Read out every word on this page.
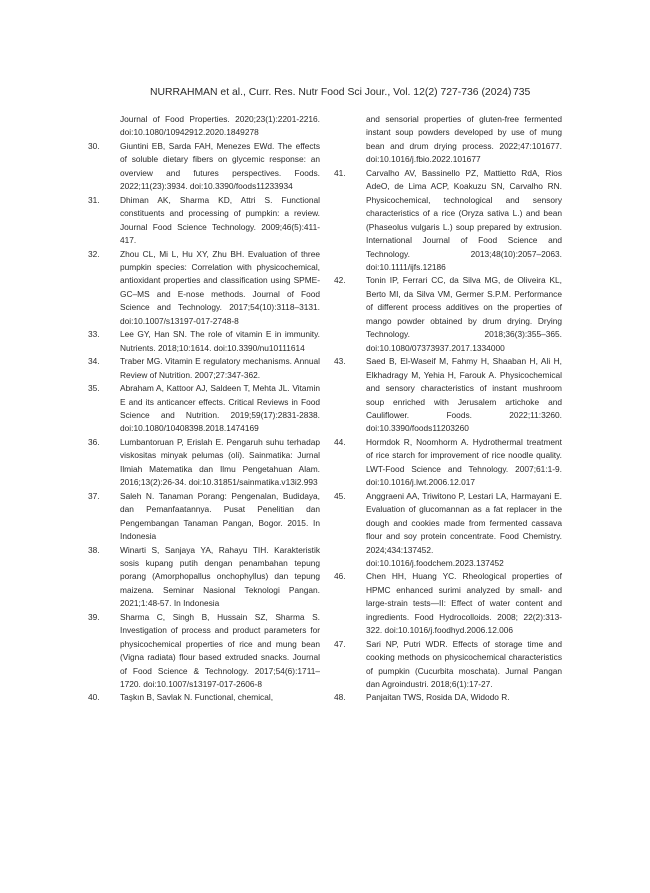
NURRAHMAN et al., Curr. Res. Nutr Food Sci Jour., Vol. 12(2) 727-736 (2024) 735
Journal of Food Properties. 2020;23(1):2201-2216. doi:10.1080/10942912.2020.1849278
30. Giuntini EB, Sarda FAH, Menezes EWd. The effects of soluble dietary fibers on glycemic response: an overview and futures perspectives. Foods. 2022;11(23):3934. doi:10.3390/foods11233934
31. Dhiman AK, Sharma KD, Attri S. Functional constituents and processing of pumpkin: a review. Journal Food Science Technology. 2009;46(5):411-417.
32. Zhou CL, Mi L, Hu XY, Zhu BH. Evaluation of three pumpkin species: Correlation with physicochemical, antioxidant properties and classification using SPME-GC–MS and E-nose methods. Journal of Food Science and Technology. 2017;54(10):3118–3131. doi:10.1007/s13197-017-2748-8
33. Lee GY, Han SN. The role of vitamin E in immunity. Nutrients. 2018;10:1614. doi:10.3390/nu10111614
34. Traber MG. Vitamin E regulatory mechanisms. Annual Review of Nutrition. 2007;27:347-362.
35. Abraham A, Kattoor AJ, Saldeen T, Mehta JL. Vitamin E and its anticancer effects. Critical Reviews in Food Science and Nutrition. 2019;59(17):2831-2838. doi:10.1080/10408398.2018.1474169
36. Lumbantoruan P, Erislah E. Pengaruh suhu terhadap viskositas minyak pelumas (oli). Sainmatika: Jurnal Ilmiah Matematika dan Ilmu Pengetahuan Alam. 2016;13(2):26-34. doi:10.31851/sainmatika.v13i2.993
37. Saleh N. Tanaman Porang: Pengenalan, Budidaya, dan Pemanfaatannya. Pusat Penelitian dan Pengembangan Tanaman Pangan, Bogor. 2015. In Indonesia
38. Winarti S, Sanjaya YA, Rahayu TIH. Karakteristik sosis kupang putih dengan penambahan tepung porang (Amorphopallus onchophyllus) dan tepung maizena. Seminar Nasional Teknologi Pangan. 2021;1:48-57. In Indonesia
39. Sharma C, Singh B, Hussain SZ, Sharma S. Investigation of process and product parameters for physicochemical properties of rice and mung bean (Vigna radiata) flour based extruded snacks. Journal of Food Science & Technology. 2017;54(6):1711–1720. doi:10.1007/s13197-017-2606-8
40. Taşkın B, Savlak N. Functional, chemical,
and sensorial properties of gluten-free fermented instant soup powders developed by use of mung bean and drum drying process. 2022;47:101677. doi:10.1016/j.fbio.2022.101677
41. Carvalho AV, Bassinello PZ, Mattietto RdA, Rios AdeO, de Lima ACP, Koakuzu SN, Carvalho RN. Physicochemical, technological and sensory characteristics of a rice (Oryza sativa L.) and bean (Phaseolus vulgaris L.) soup prepared by extrusion. International Journal of Food Science and Technology. 2013;48(10):2057–2063. doi:10.1111/ijfs.12186
42. Tonin IP, Ferrari CC, da Silva MG, de Oliveira KL, Berto MI, da Silva VM, Germer S.P.M. Performance of different process additives on the properties of mango powder obtained by drum drying. Drying Technology. 2018;36(3):355–365. doi:10.1080/07373937.2017.1334000
43. Saed B, El-Waseif M, Fahmy H, Shaaban H, Ali H, Elkhadragy M, Yehia H, Farouk A. Physicochemical and sensory characteristics of instant mushroom soup enriched with Jerusalem artichoke and Cauliflower. Foods. 2022;11:3260. doi:10.3390/foods11203260
44. Hormdok R, Noomhorm A. Hydrothermal treatment of rice starch for improvement of rice noodle quality. LWT-Food Science and Tehnology. 2007;61:1-9. doi:10.1016/j.lwt.2006.12.017
45. Anggraeni AA, Triwitono P, Lestari LA, Harmayani E. Evaluation of glucomannan as a fat replacer in the dough and cookies made from fermented cassava flour and soy protein concentrate. Food Chemistry. 2024;434:137452. doi:10.1016/j.foodchem.2023.137452
46. Chen HH, Huang YC. Rheological properties of HPMC enhanced surimi analyzed by small- and large-strain tests—II: Effect of water content and ingredients. Food Hydrocolloids. 2008; 22(2):313-322. doi:10.1016/j.foodhyd.2006.12.006
47. Sari NP, Putri WDR. Effects of storage time and cooking methods on physicochemical characteristics of pumpkin (Cucurbita moschata). Jurnal Pangan dan Agroindustri. 2018;6(1):17-27.
48. Panjaitan TWS, Rosida DA, Widodo R.
